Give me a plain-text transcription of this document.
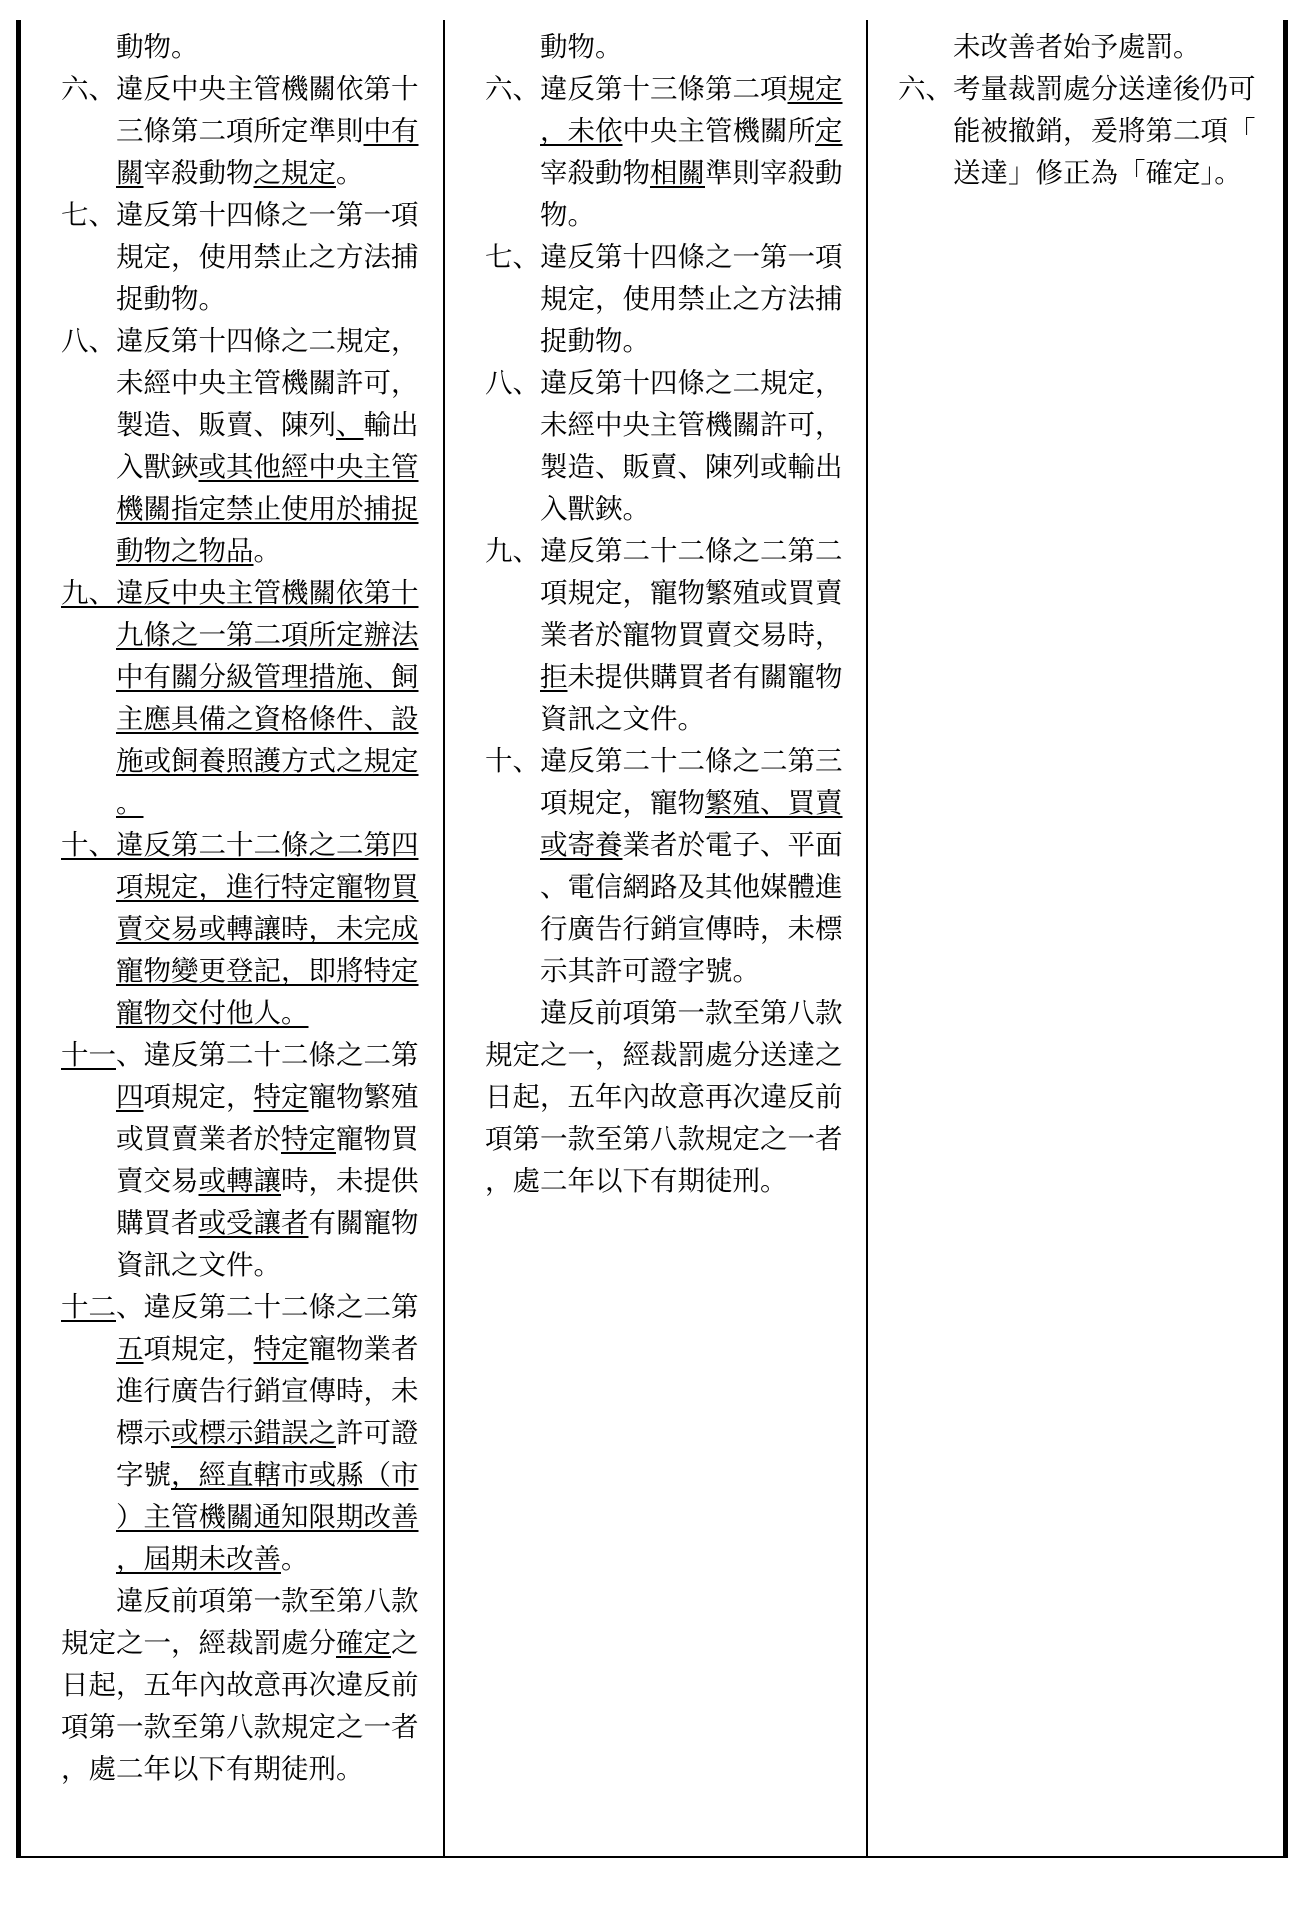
動物。

六、違反中央主管機關依第十三條第二項所定準則中有關宰殺動物之規定。

七、違反第十四條之一第一項規定，使用禁止之方法捕捉動物。

八、違反第十四條之二規定，未經中央主管機關許可，製造、販賣、陳列、輸出入獸鋏或其他經中央主管機關指定禁止使用於捕捉動物之物品。

九、違反中央主管機關依第十九條之一第二項所定辦法中有關分級管理措施、飼主應具備之資格條件、設施或飼養照護方式之規定。

十、違反第二十二條之二第四項規定，進行特定寵物買賣交易或轉讓時，未完成寵物變更登記，即將特定寵物交付他人。

十一、違反第二十二條之二第四項規定，特定寵物繁殖或買賣業者於特定寵物買賣交易或轉讓時，未提供購買者或受讓者有關寵物資訊之文件。

十二、違反第二十二條之二第五項規定，特定寵物業者進行廣告行銷宣傳時，未標示或標示錯誤之許可證字號，經直轄市或縣（市）主管機關通知限期改善，屆期未改善。

違反前項第一款至第八款規定之一，經裁罰處分確定之日起，五年內故意再次違反前項第一款至第八款規定之一者，處二年以下有期徒刑。

動物。

六、違反第十三條第二項規定，未依中央主管機關所定宰殺動物相關準則宰殺動物。

七、違反第十四條之一第一項規定，使用禁止之方法捕捉動物。

八、違反第十四條之二規定，未經中央主管機關許可，製造、販賣、陳列或輸出入獸鋏。

九、違反第二十二條之二第二項規定，寵物繁殖或買賣業者於寵物買賣交易時，拒未提供購買者有關寵物資訊之文件。

十、違反第二十二條之二第三項規定，寵物繁殖、買賣或寄養業者於電子、平面、電信網路及其他媒體進行廣告行銷宣傳時，未標示其許可證字號。

違反前項第一款至第八款規定之一，經裁罰處分送達之日起，五年內故意再次違反前項第一款至第八款規定之一者，處二年以下有期徒刑。

未改善者始予處罰。

六、考量裁罰處分送達後仍可能被撤銷，爰將第二項「送達」修正為「確定」。
